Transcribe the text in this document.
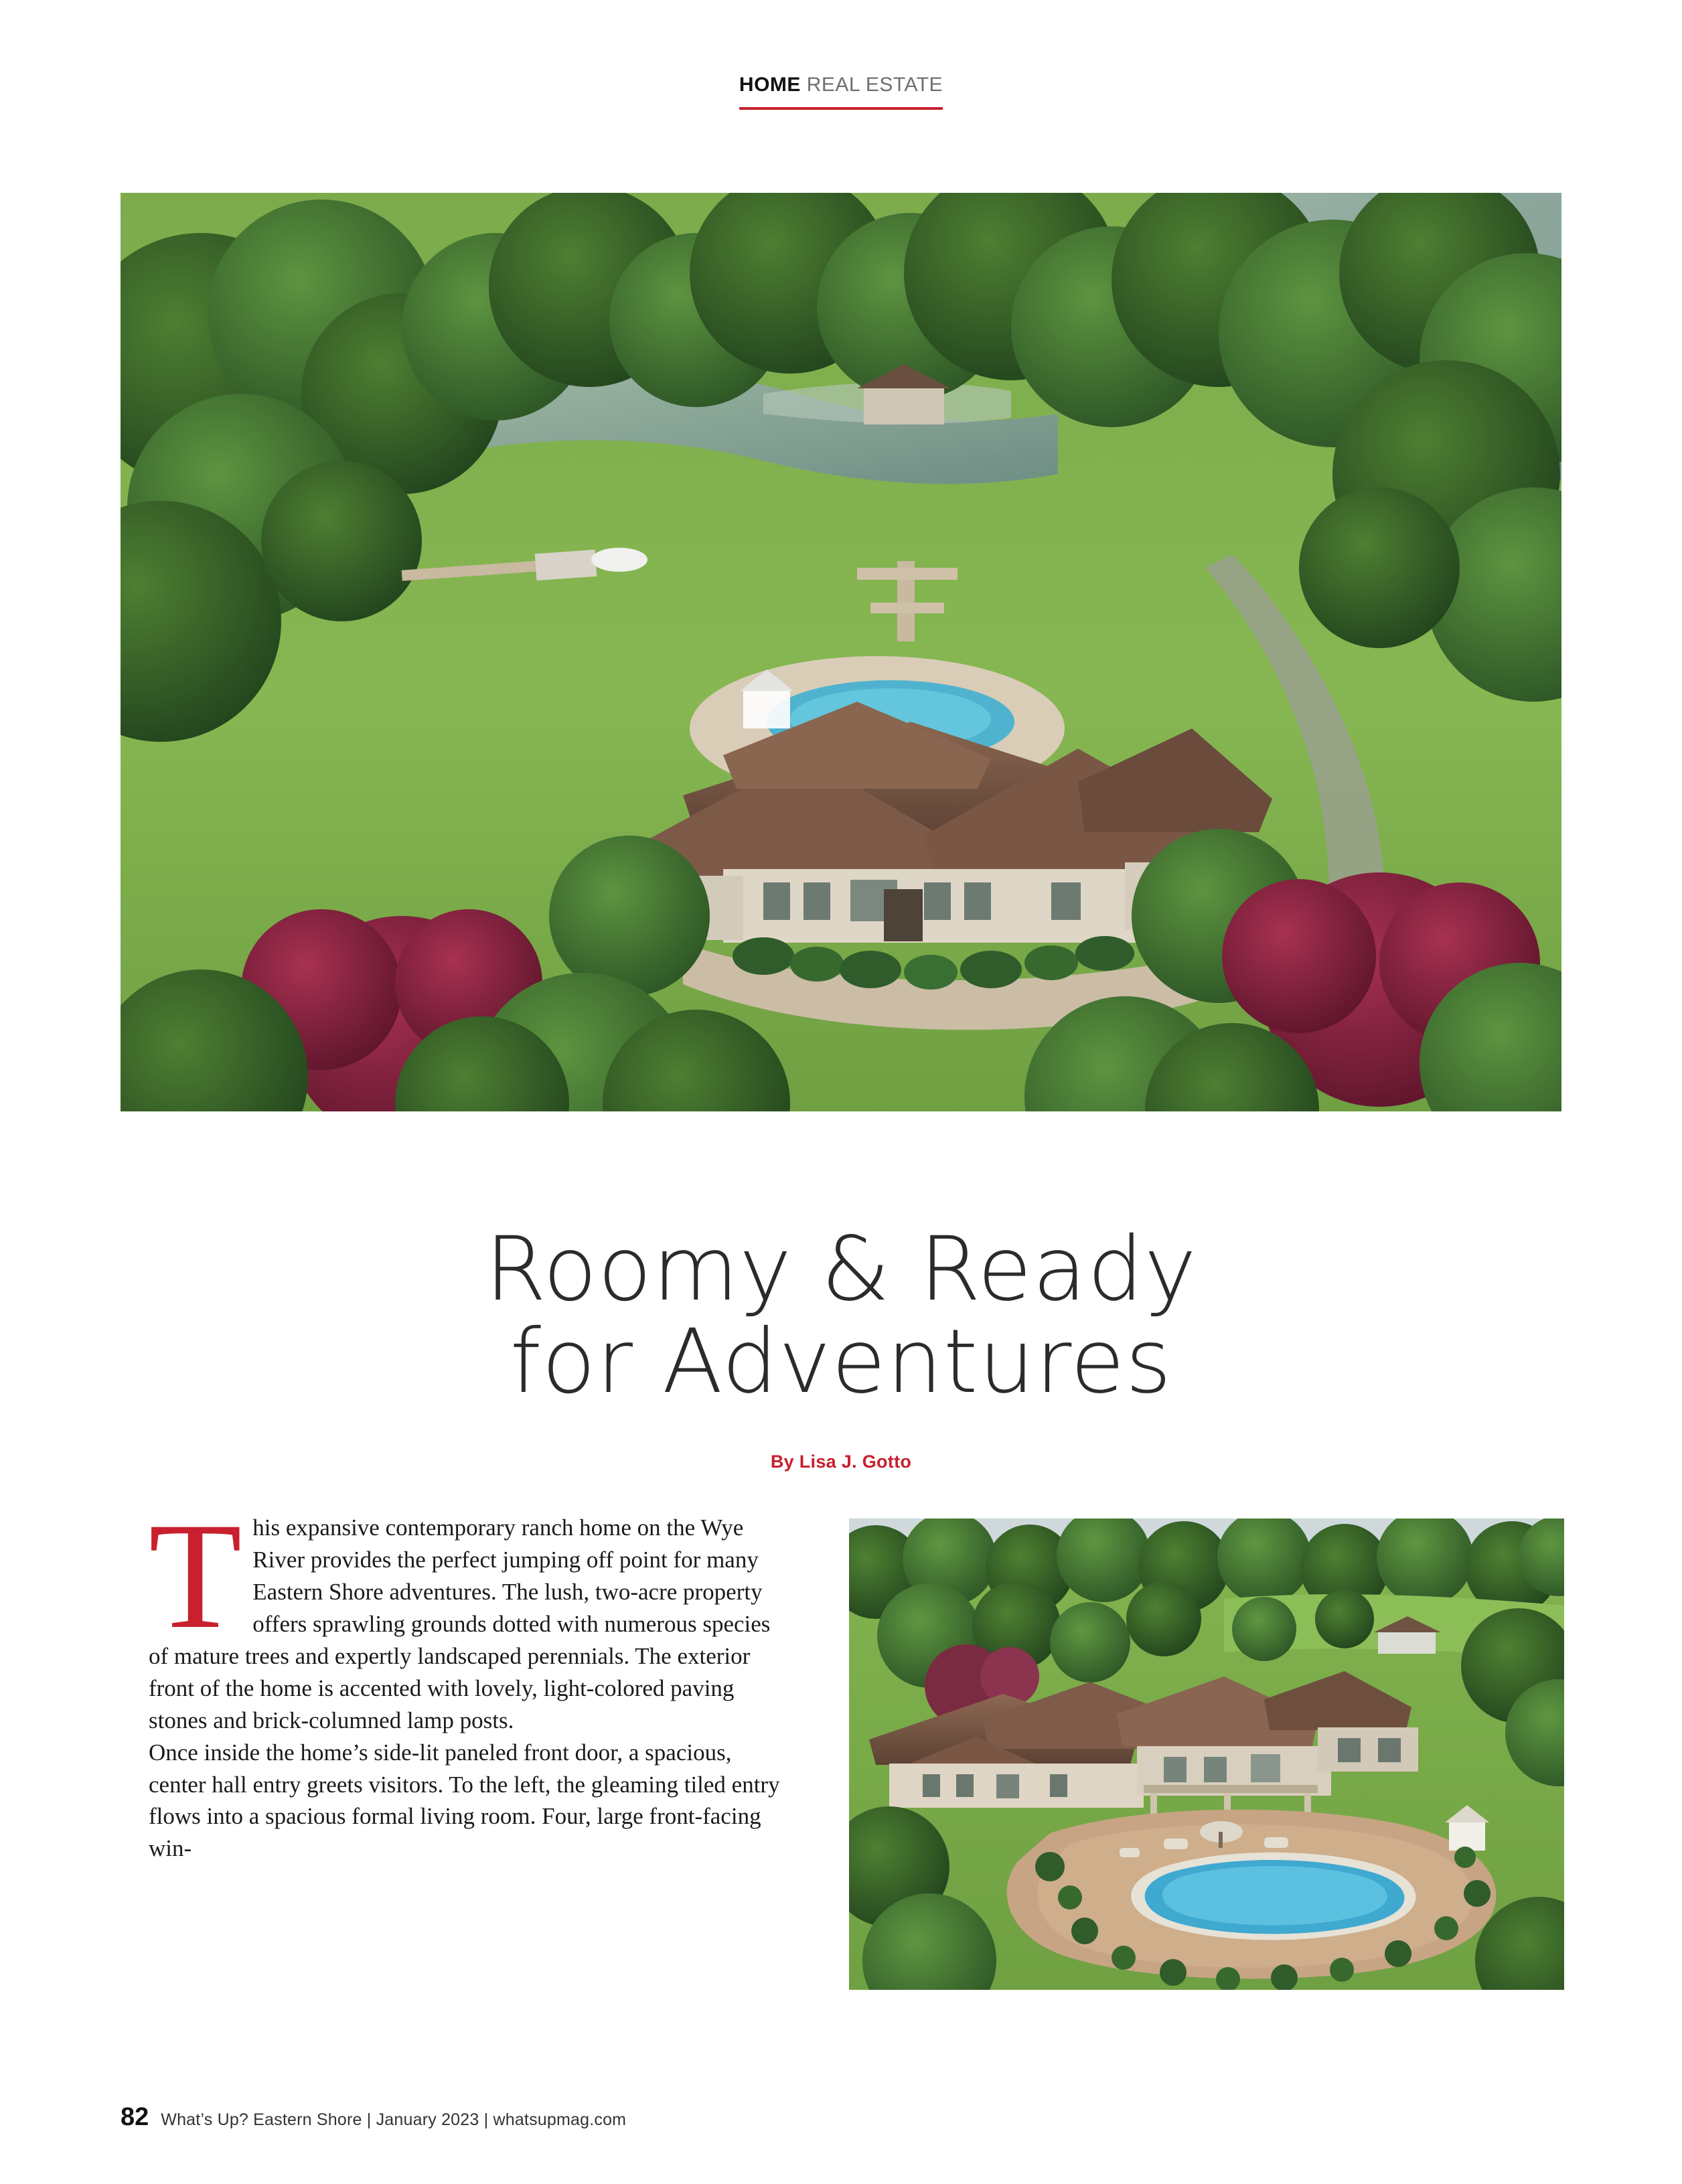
HOME REAL ESTATE
Roomy & Ready
for Adventures
By Lisa J. Gotto
T his expansive contemporary ranch home on the Wye River provides the perfect jumping off point for many Eastern Shore adventures. The lush, two-acre property offers sprawling grounds dotted with numerous species of mature trees and expertly landscaped perennials. The exterior front of the home is accented with lovely, light-colored paving stones and brick-columned lamp posts.

Once inside the home’s side-lit paneled front door, a spacious, center hall entry greets visitors. To the left, the gleaming tiled entry flows into a spacious formal living room. Four, large front-facing win-

82 What’s Up? Eastern Shore | January 2023 | whatsupmag.com
